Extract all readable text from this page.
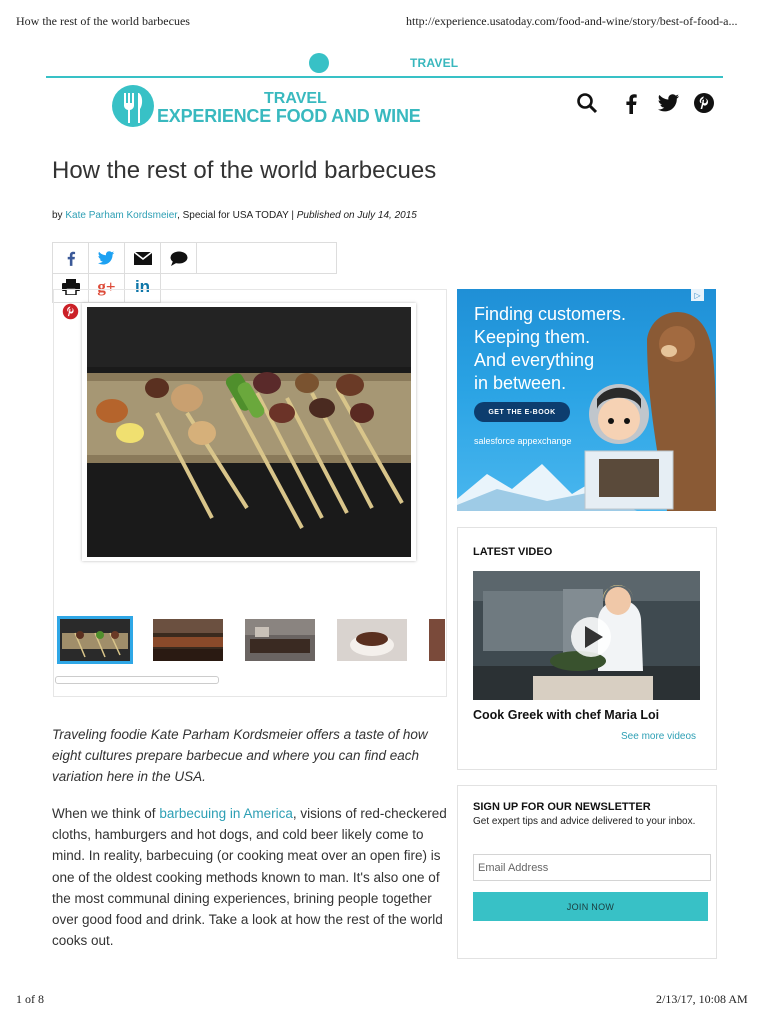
How the rest of the world barbecues	http://experience.usatoday.com/food-and-wine/story/best-of-food-a...
TRAVEL
TRAVEL
EXPERIENCE FOOD AND WINE
How the rest of the world barbecues
by Kate Parham Kordsmeier, Special for USA TODAY | Published on July 14, 2015
g+	in
Traveling foodie Kate Parham Kordsmeier offers a taste of how eight cultures prepare barbecue and where you can find each variation here in the USA.
When we think of barbecuing in America, visions of red-checkered cloths, hamburgers and hot dogs, and cold beer likely come to mind. In reality, barbecuing (or cooking meat over an open fire) is one of the oldest cooking methods known to man. It's also one of the most communal dining experiences, brining people together over good food and drink. Take a look at how the rest of the world cooks out.
▷
Finding customers.
Keeping them.
And everything
in between.
GET THE E-BOOK
salesforce appexchange
LATEST VIDEO
Cook Greek with chef Maria Loi
See more videos
SIGN UP FOR OUR NEWSLETTER
Get expert tips and advice delivered to your inbox.
Email Address
JOIN NOW
1 of 8	2/13/17, 10:08 AM
